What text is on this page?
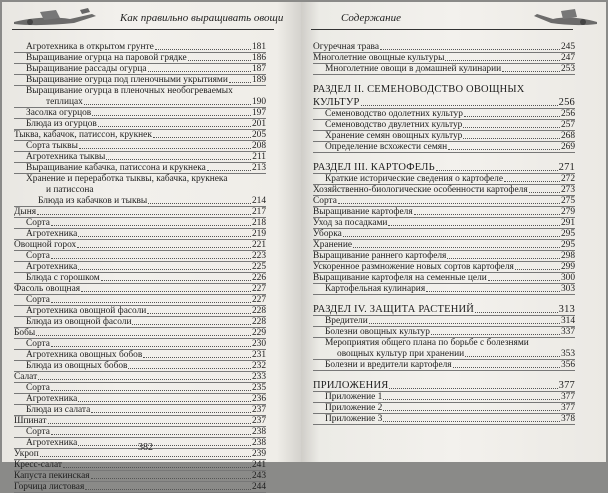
Как правильно выращивать овощи
Агротехника в открытом грунте	181
Выращивание огурца на паровой грядке	186
Выращивание рассады огурца	187
Выращивание огурца под пленочными укрытиями	189
Выращивание огурца в пленочных необогреваемых
теплицах	190
Засолка огурцов	197
Блюда из огурцов	201
Тыква, кабачок, патиссон, крукнек	205
Сорта тыквы	208
Агротехника тыквы	211
Выращивание кабачка, патиссона и крукнека	213
Хранение и переработка тыквы, кабачка, крукнека
и патиссона
Блюда из кабачков и тыквы	214
Дыня	217
Сорта	218
Агротехника	219
Овощной горох	221
Сорта	223
Агротехника	225
Блюда с горошком	226
Фасоль овощная	227
Сорта	227
Агротехника овощной фасоли	228
Блюда из овощной фасоли	228
Бобы	229
Сорта	230
Агротехника овощных бобов	231
Блюда из овощных бобов	232
Салат	233
Сорта	235
Агротехника	236
Блюда из салата	237
Шпинат	237
Сорта	238
Агротехника	238
Укроп	239
Кресс-салат	241
Капуста пекинская	243
Горчица листовая	244
382
Содержание
Огуречная трава	245
Многолетние овощные культуры	247
Многолетние овощи в домашней кулинарии	253
РАЗДЕЛ II. СЕМЕНОВОДСТВО ОВОЩНЫХ
КУЛЬТУР	256
Семеноводство одолетних культур	256
Семеноводство двулетних культур	257
Хранение семян овощных культур	268
Определение всхожести семян	269
РАЗДЕЛ III. КАРТОФЕЛЬ	271
Краткие исторические сведения о картофеле	272
Хозяйственно-биологические особенности картофеля	273
Сорта	275
Выращивание картофеля	279
Уход за посадками	291
Уборка	295
Хранение	295
Выращивание раннего картофеля	298
Ускоренное размножение новых сортов картофеля	299
Выращивание картофеля на семенные цели	300
Картофельная кулинария	303
РАЗДЕЛ IV. ЗАЩИТА РАСТЕНИЙ	313
Вредители	314
Болезни овощных культур	337
Мероприятия общего плана по борьбе с болезнями
овощных культур при хранении	353
Болезни и вредители картофеля	356
ПРИЛОЖЕНИЯ	377
Приложение 1	377
Приложение 2	377
Приложение 3	378
